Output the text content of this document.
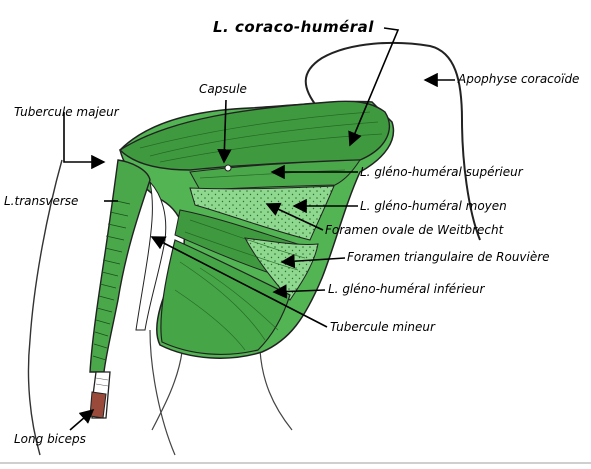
L. coraco-huméral
Apophyse coracoïde
Capsule
Tubercule majeur
L. gléno-huméral supérieur
L.transverse	L. gléno-huméral moyen
Foramen ovale de Weitbrecht
Foramen triangulaire de Rouvière
L. gléno-huméral inférieur
Tubercule mineur
Long biceps
